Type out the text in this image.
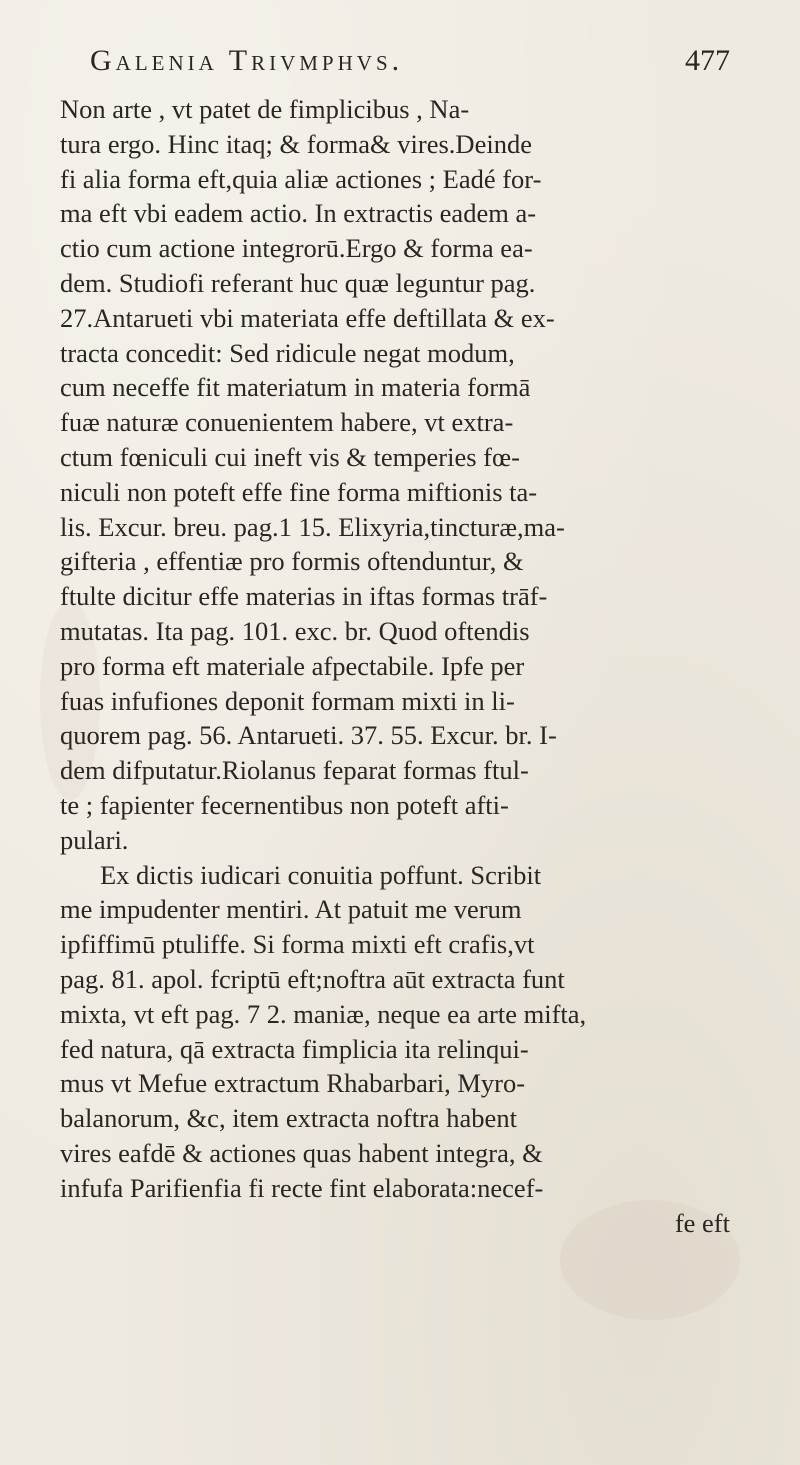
Galenia Trivmphvs.	477
Non arte , vt patet de fimplicibus , Na-
tura ergo. Hinc itaq; & forma& vires.Deinde
fi alia forma eft,quia aliæ actiones ; Eadé for-
ma eft vbi eadem actio. In extractis eadem a-
ctio cum actione integrorū.Ergo & forma ea-
dem. Studiofi referant huc quæ leguntur pag.
27.Antarueti vbi materiata effe deftillata & ex-
tracta concedit: Sed ridicule negat modum,
cum neceffe fit materiatum in materia formā
fuæ naturæ conuenientem habere, vt extra-
ctum fœniculi cui ineft vis & temperies fœ-
niculi non poteft effe fine forma miftionis ta-
lis. Excur. breu. pag.1 15. Elixyria,tincturæ,ma-
gifteria , effentiæ pro formis oftenduntur, &
ftulte dicitur effe materias in iftas formas trāf-
mutatas. Ita pag. 101. exc. br. Quod oftendis
pro forma eft materiale afpectabile. Ipfe per
fuas infufiones deponit formam mixti in li-
quorem pag. 56. Antarueti. 37. 55. Excur. br. I-
dem difputatur.Riolanus feparat formas ftul-
te ; fapienter fecernentibus non poteft afti-
pulari.
Ex dictis iudicari conuitia poffunt. Scribit
me impudenter mentiri. At patuit me verum
ipfiffimū ptuliffe. Si forma mixti eft crafis,vt
pag. 81. apol. fcriptū eft;noftra aūt extracta funt
mixta, vt eft pag. 7 2. maniæ, neque ea arte mifta,
fed natura, qā extracta fimplicia ita relinqui-
mus vt Mefue extractum Rhabarbari, Myro-
balanorum, &c, item extracta noftra habent
vires eafdē & actiones quas habent integra, &
infufa Parifienfia fi recte fint elaborata:necef-
fe eft
